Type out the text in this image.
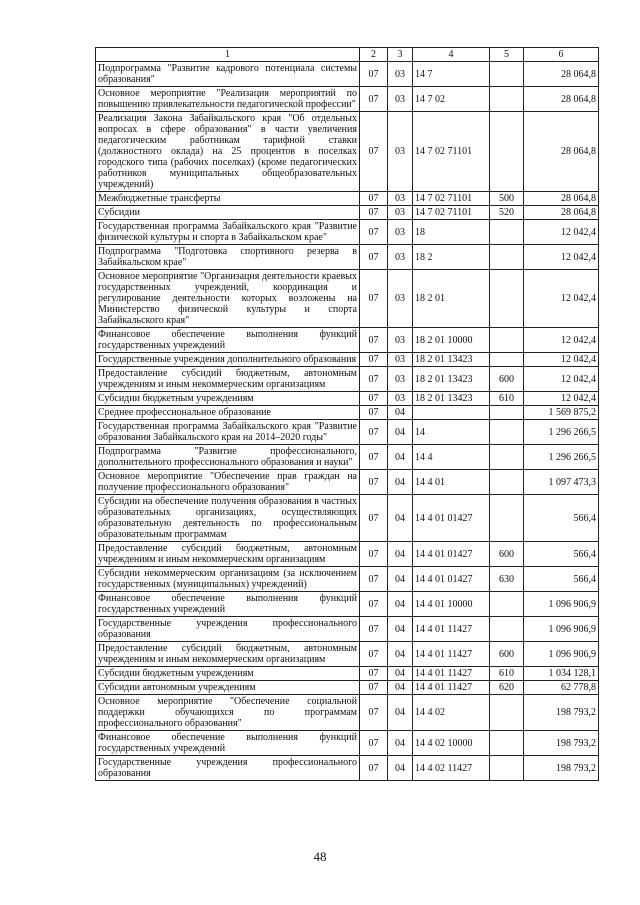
1	2	3	4	5	6
Подпрограмма "Развитие кадрового потенциала системы образования"	07	03	14 7		28 064,8
Основное мероприятие "Реализация мероприятий по повышению привлекательности педагогической профессии"	07	03	14 7 02		28 064,8
Реализация Закона Забайкальского края "Об отдельных вопросах в сфере образования" в части увеличения педагогическим работникам тарифной ставки (должностного оклада) на 25 процентов в поселках городского типа (рабочих поселках) (кроме педагогических работников муниципальных общеобразовательных учреждений)	07	03	14 7 02 71101		28 064,8
Межбюджетные трансферты	07	03	14 7 02 71101	500	28 064,8
Субсидии	07	03	14 7 02 71101	520	28 064,8
Государственная программа Забайкальского края "Развитие физической культуры и спорта в Забайкальском крае"	07	03	18		12 042,4
Подпрограмма "Подготовка спортивного резерва в Забайкальском крае"	07	03	18 2		12 042,4
Основное мероприятие "Организация деятельности краевых государственных учреждений, координация и регулирование деятельности которых возложены на Министерство физической культуры и спорта Забайкальского края"	07	03	18 2 01		12 042,4
Финансовое обеспечение выполнения функций государственных учреждений	07	03	18 2 01 10000		12 042,4
Государственные учреждения дополнительного образования	07	03	18 2 01 13423		12 042,4
Предоставление субсидий бюджетным, автономным учреждениям и иным некоммерческим организациям	07	03	18 2 01 13423	600	12 042,4
Субсидии бюджетным учреждениям	07	03	18 2 01 13423	610	12 042,4
Среднее профессиональное образование	07	04			1 569 875,2
Государственная программа Забайкальского края "Развитие образования Забайкальского края на 2014–2020 годы"	07	04	14		1 296 266,5
Подпрограмма "Развитие профессионального, дополнительного профессионального образования и науки"	07	04	14 4		1 296 266,5
Основное мероприятие "Обеспечение прав граждан на получение профессионального образования"	07	04	14 4 01		1 097 473,3
Субсидии на обеспечение получения образования в частных образовательных организациях, осуществляющих образовательную деятельность по профессиональным образовательным программам	07	04	14 4 01 01427		566,4
Предоставление субсидий бюджетным, автономным учреждениям и иным некоммерческим организациям	07	04	14 4 01 01427	600	566,4
Субсидии некоммерческим организациям (за исключением государственных (муниципальных) учреждений)	07	04	14 4 01 01427	630	566,4
Финансовое обеспечение выполнения функций государственных учреждений	07	04	14 4 01 10000		1 096 906,9
Государственные учреждения профессионального образования	07	04	14 4 01 11427		1 096 906,9
Предоставление субсидий бюджетным, автономным учреждениям и иным некоммерческим организациям	07	04	14 4 01 11427	600	1 096 906,9
Субсидии бюджетным учреждениям	07	04	14 4 01 11427	610	1 034 128,1
Субсидии автономным учреждениям	07	04	14 4 01 11427	620	62 778,8
Основное мероприятие "Обеспечение социальной поддержки обучающихся по программам профессионального образования"	07	04	14 4 02		198 793,2
Финансовое обеспечение выполнения функций государственных учреждений	07	04	14 4 02 10000		198 793,2
Государственные учреждения профессионального образования	07	04	14 4 02 11427		198 793,2
48
